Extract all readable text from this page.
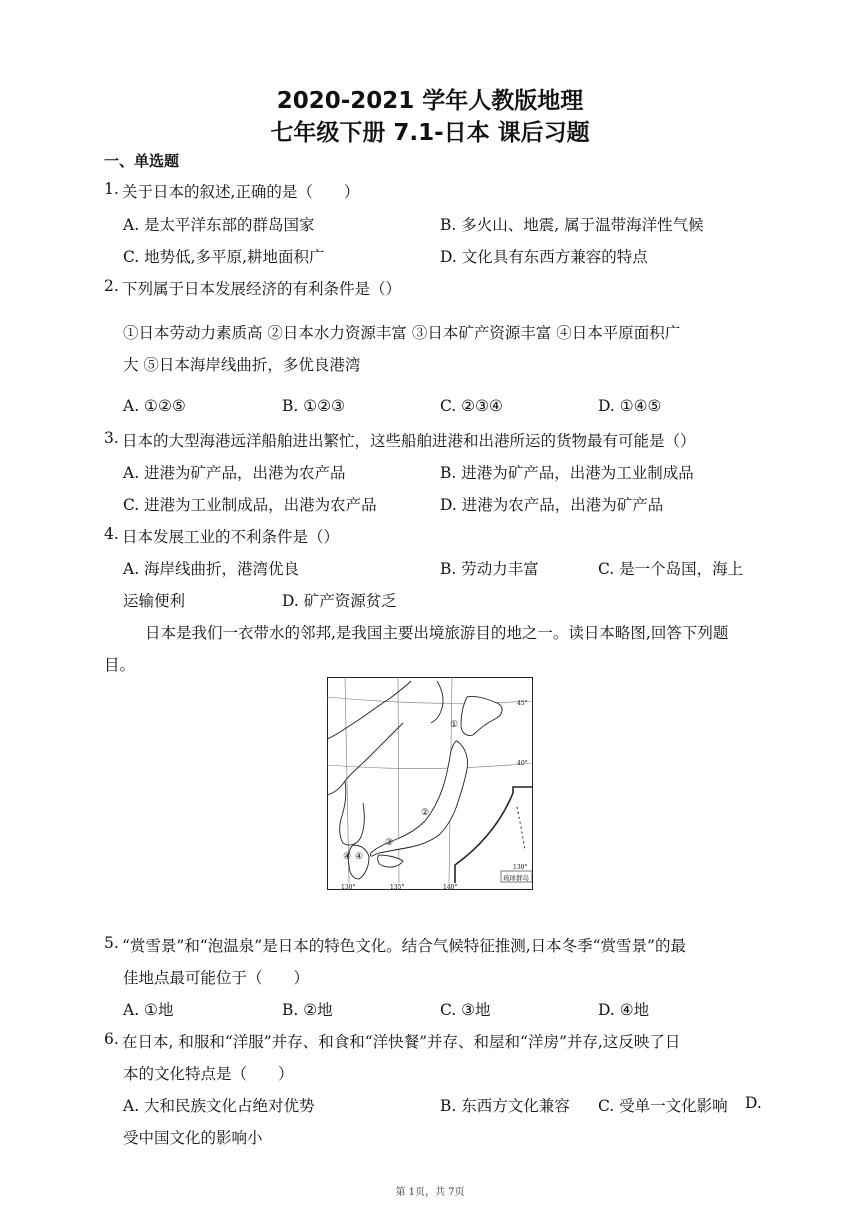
2020-2021 学年人教版地理
七年级下册 7.1-日本 课后习题
一、单选题
1. 关于日本的叙述,正确的是（　　）
A. 是太平洋东部的群岛国家	B. 多火山、地震, 属于温带海洋性气候
C. 地势低,多平原,耕地面积广	D. 文化具有东西方兼容的特点
2. 下列属于日本发展经济的有利条件是（）
①日本劳动力素质高 ②日本水力资源丰富 ③日本矿产资源丰富 ④日本平原面积广
大 ⑤日本海岸线曲折，多优良港湾
A. ①②⑤	B. ①②③	C. ②③④	D. ①④⑤
3. 日本的大型海港远洋船舶进出繁忙，这些船舶进港和出港所运的货物最有可能是（）
A. 进港为矿产品，出港为农产品	B. 进港为矿产品，出港为工业制成品
C. 进港为工业制成品，出港为农产品	D. 进港为农产品，出港为矿产品
4. 日本发展工业的不利条件是（）
A. 海岸线曲折，港湾优良	B. 劳动力丰富	C. 是一个岛国，海上
运输便利	D. 矿产资源贫乏
日本是我们一衣带水的邻邦,是我国主要出境旅游目的地之一。读日本略图,回答下列题
目。
琉球群岛
130°
①
②
③
④ ④
45°
40°
130°	135°	140°
5. “赏雪景”和“泡温泉”是日本的特色文化。结合气候特征推测,日本冬季“赏雪景”的最
佳地点最可能位于（　　）
A. ①地	B. ②地	C. ③地	D. ④地
6. 在日本, 和服和“洋服”并存、和食和“洋快餐”并存、和屋和“洋房”并存,这反映了日
本的文化特点是（　　）
A. 大和民族文化占绝对优势	B. 东西方文化兼容 C. 受单一文化影响 D.
受中国文化的影响小
第 1页，共 7页
